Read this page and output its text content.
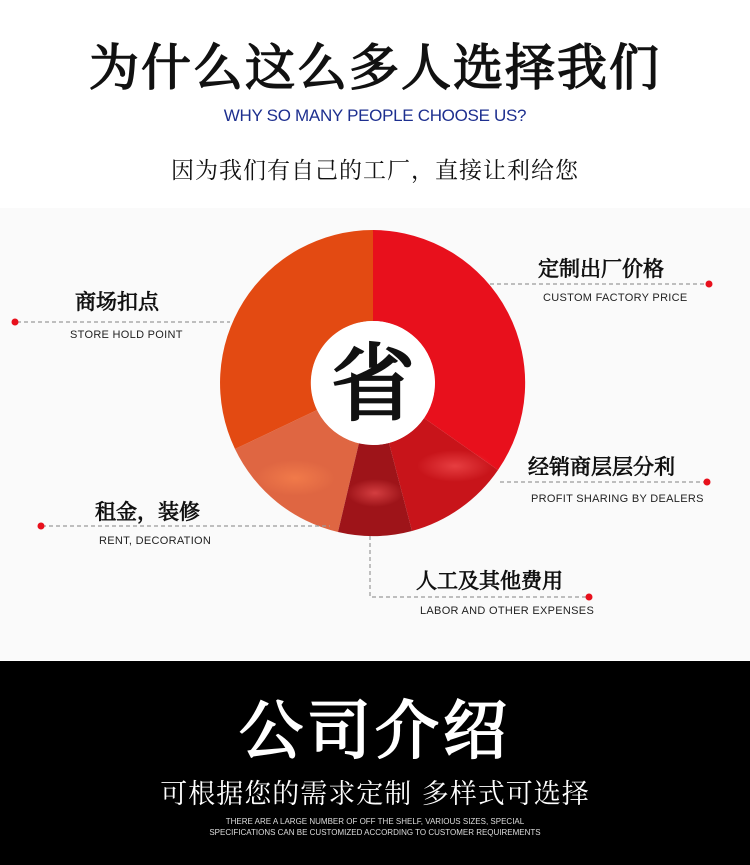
为什么这么多人选择我们
WHY SO MANY PEOPLE CHOOSE US?
因为我们有自己的工厂，直接让利给您
省
商场扣点
STORE HOLD POINT
定制出厂价格
CUSTOM FACTORY PRICE
经销商层层分利
PROFIT SHARING BY DEALERS
租金，装修
RENT, DECORATION
人工及其他费用
LABOR AND OTHER EXPENSES
公司介绍
可根据您的需求定制 多样式可选择
THERE ARE A LARGE NUMBER OF OFF THE SHELF, VARIOUS SIZES, SPECIAL
SPECIFICATIONS CAN BE CUSTOMIZED ACCORDING TO CUSTOMER REQUIREMENTS
